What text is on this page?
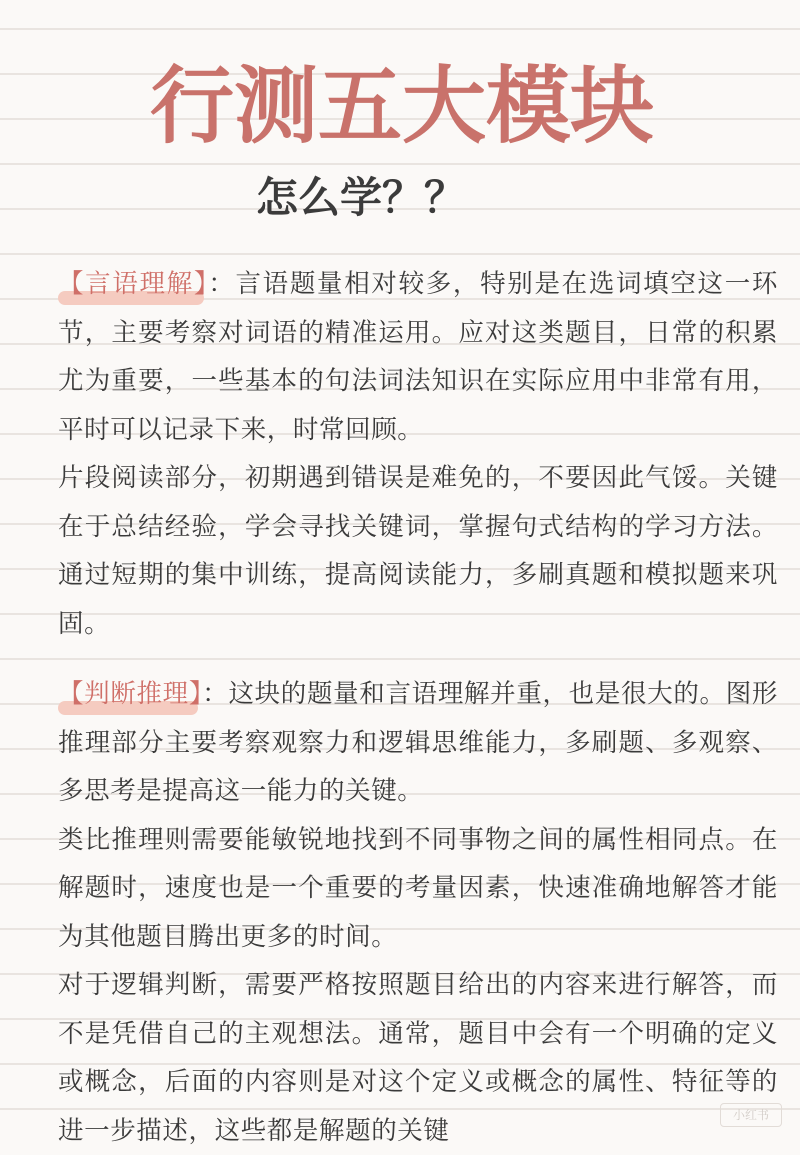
行测五大模块
怎么学？？

【言语理解】：言语题量相对较多，特别是在选词填空这一环节，主要考察对词语的精准运用。应对这类题目，日常的积累尤为重要，一些基本的句法词法知识在实际应用中非常有用，平时可以记录下来，时常回顾。

片段阅读部分，初期遇到错误是难免的，不要因此气馁。关键在于总结经验，学会寻找关键词，掌握句式结构的学习方法。通过短期的集中训练，提高阅读能力，多刷真题和模拟题来巩固。

【判断推理】：这块的题量和言语理解并重，也是很大的。图形推理部分主要考察观察力和逻辑思维能力，多刷题、多观察、多思考是提高这一能力的关键。

类比推理则需要能敏锐地找到不同事物之间的属性相同点。在解题时，速度也是一个重要的考量因素，快速准确地解答才能为其他题目腾出更多的时间。

对于逻辑判断，需要严格按照题目给出的内容来进行解答，而不是凭借自己的主观想法。通常，题目中会有一个明确的定义或概念，后面的内容则是对这个定义或概念的属性、特征等的进一步描述，这些都是解题的关键

小红书
